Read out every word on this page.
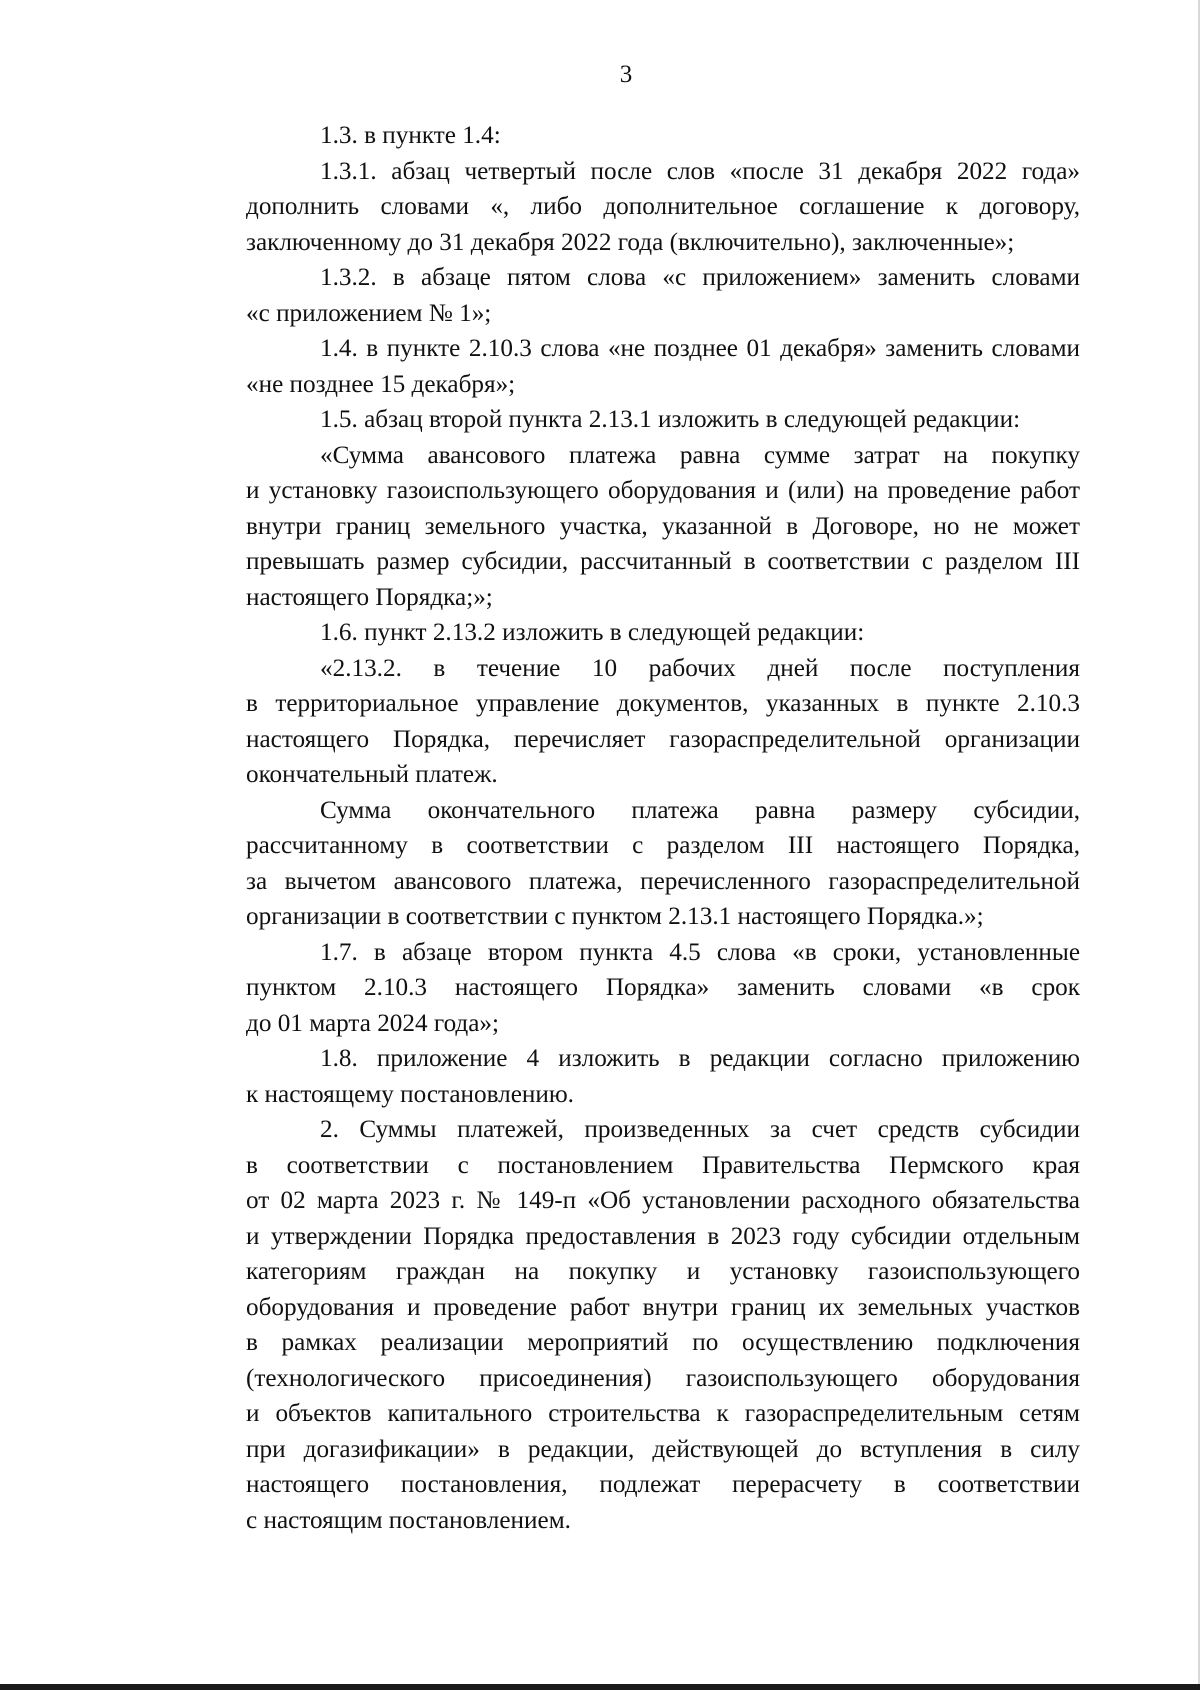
3
1.3. в пункте 1.4:
1.3.1. абзац четвертый после слов «после 31 декабря 2022 года»
дополнить словами «, либо дополнительное соглашение к договору,
заключенному до 31 декабря 2022 года (включительно), заключенные»;
1.3.2. в абзаце пятом слова «с приложением» заменить словами
«с приложением № 1»;
1.4. в пункте 2.10.3 слова «не позднее 01 декабря» заменить словами
«не позднее 15 декабря»;
1.5. абзац второй пункта 2.13.1 изложить в следующей редакции:
«Сумма авансового платежа равна сумме затрат на покупку
и установку газоиспользующего оборудования и (или) на проведение работ
внутри границ земельного участка, указанной в Договоре, но не может
превышать размер субсидии, рассчитанный в соответствии с разделом III
настоящего Порядка;»;
1.6. пункт 2.13.2 изложить в следующей редакции:
«2.13.2. в течение 10 рабочих дней после поступления
в территориальное управление документов, указанных в пункте 2.10.3
настоящего Порядка, перечисляет газораспределительной организации
окончательный платеж.
Сумма окончательного платежа равна размеру субсидии,
рассчитанному в соответствии с разделом III настоящего Порядка,
за вычетом авансового платежа, перечисленного газораспределительной
организации в соответствии с пунктом 2.13.1 настоящего Порядка.»;
1.7. в абзаце втором пункта 4.5 слова «в сроки, установленные
пунктом 2.10.3 настоящего Порядка» заменить словами «в срок
до 01 марта 2024 года»;
1.8. приложение 4 изложить в редакции согласно приложению
к настоящему постановлению.
2. Суммы платежей, произведенных за счет средств субсидии
в соответствии с постановлением Правительства Пермского края
от 02 марта 2023 г. № 149-п «Об установлении расходного обязательства
и утверждении Порядка предоставления в 2023 году субсидии отдельным
категориям граждан на покупку и установку газоиспользующего
оборудования и проведение работ внутри границ их земельных участков
в рамках реализации мероприятий по осуществлению подключения
(технологического присоединения) газоиспользующего оборудования
и объектов капитального строительства к газораспределительным сетям
при догазификации» в редакции, действующей до вступления в силу
настоящего постановления, подлежат перерасчету в соответствии
с настоящим постановлением.
